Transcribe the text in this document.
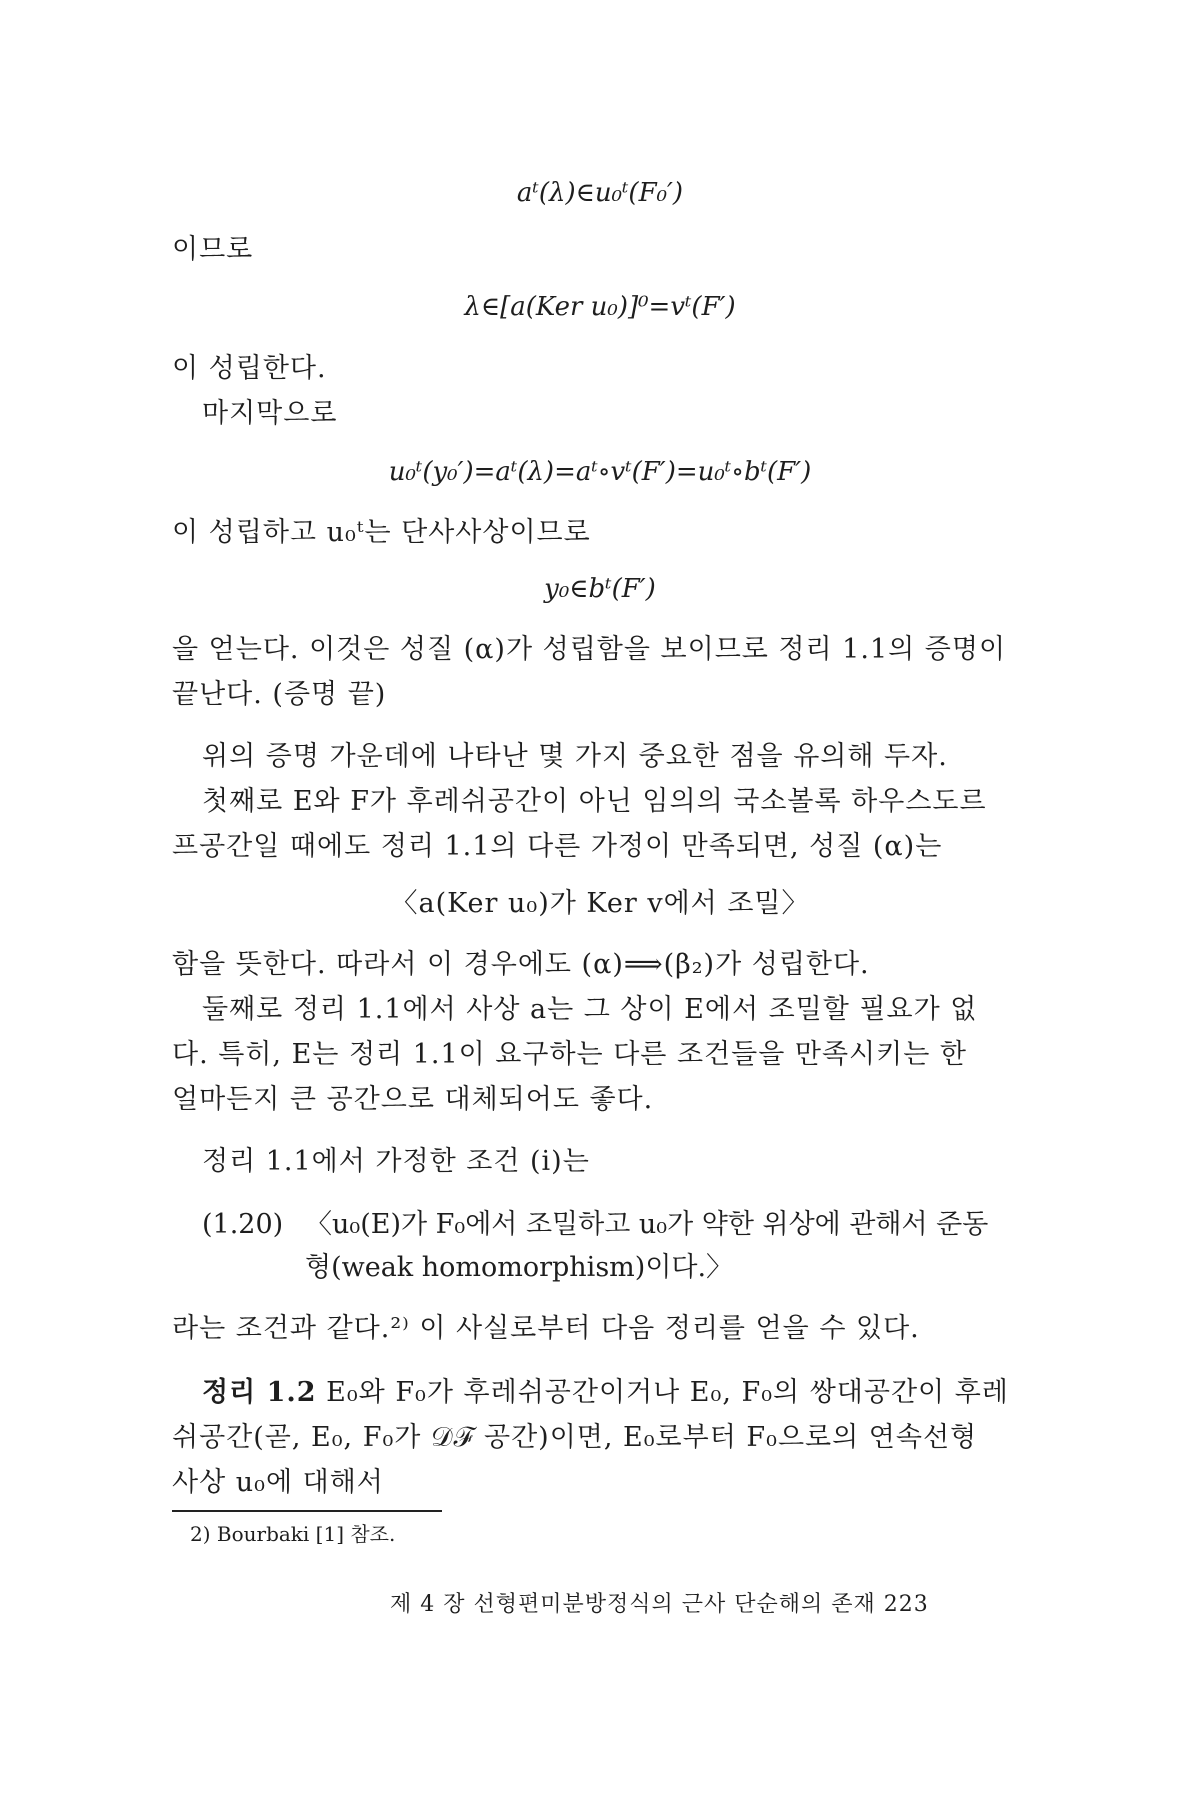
aᵗ(λ)∈u₀ᵗ(F₀′)
이므로
λ∈[a(Ker u₀)]⁰=vᵗ(F′)
이 성립한다.
마지막으로
u₀ᵗ(y₀′)=aᵗ(λ)=aᵗ∘vᵗ(F′)=u₀ᵗ∘bᵗ(F′)
이 성립하고 u₀ᵗ는 단사사상이므로
y₀∈bᵗ(F′)
을 얻는다. 이것은 성질 (α)가 성립함을 보이므로 정리 1.1의 증명이
끝난다. (증명 끝)
위의 증명 가운데에 나타난 몇 가지 중요한 점을 유의해 두자.
첫째로 E와 F가 후레쉬공간이 아닌 임의의 국소볼록 하우스도르
프공간일 때에도 정리 1.1의 다른 가정이 만족되면, 성질 (α)는
〈a(Ker u₀)가 Ker v에서 조밀〉
함을 뜻한다. 따라서 이 경우에도 (α)⟹(β₂)가 성립한다.
둘째로 정리 1.1에서 사상 a는 그 상이 E에서 조밀할 필요가 없
다. 특히, E는 정리 1.1이 요구하는 다른 조건들을 만족시키는 한
얼마든지 큰 공간으로 대체되어도 좋다.
정리 1.1에서 가정한 조건 (i)는
(1.20) 〈u₀(E)가 F₀에서 조밀하고 u₀가 약한 위상에 관해서 준동
형(weak homomorphism)이다.〉
라는 조건과 같다.²⁾ 이 사실로부터 다음 정리를 얻을 수 있다.
정리 1.2 E₀와 F₀가 후레쉬공간이거나 E₀, F₀의 쌍대공간이 후레
쉬공간(곧, E₀, F₀가 𝒟ℱ 공간)이면, E₀로부터 F₀으로의 연속선형
사상 u₀에 대해서
2) Bourbaki [1] 참조.
제 4 장 선형편미분방정식의 근사 단순해의 존재 223
